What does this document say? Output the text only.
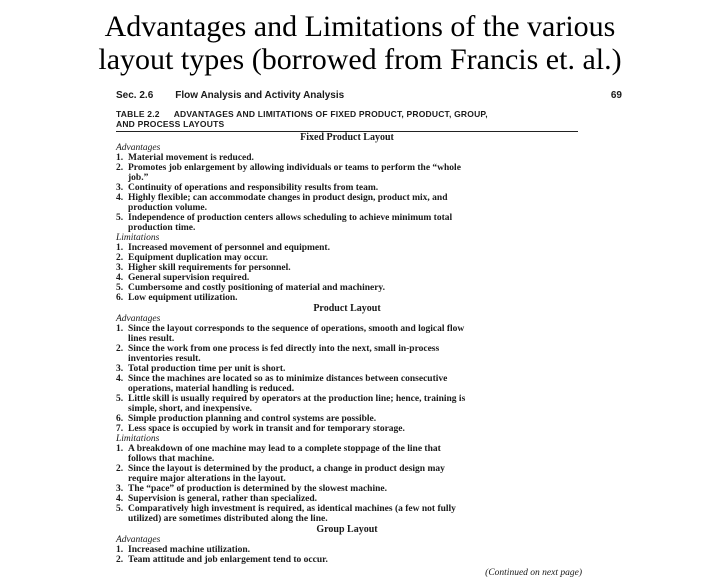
Advantages and Limitations of the various
layout types (borrowed from Francis et. al.)
Sec. 2.6 Flow Analysis and Activity Analysis	69
TABLE 2.2 ADVANTAGES AND LIMITATIONS OF FIXED PRODUCT, PRODUCT, GROUP,
AND PROCESS LAYOUTS
Fixed Product Layout
Advantages
1. Material movement is reduced.
2. Promotes job enlargement by allowing individuals or teams to perform the “whole
job.”
3. Continuity of operations and responsibility results from team.
4. Highly flexible; can accommodate changes in product design, product mix, and
production volume.
5. Independence of production centers allows scheduling to achieve minimum total
production time.
Limitations
1. Increased movement of personnel and equipment.
2. Equipment duplication may occur.
3. Higher skill requirements for personnel.
4. General supervision required.
5. Cumbersome and costly positioning of material and machinery.
6. Low equipment utilization.
Product Layout
Advantages
1. Since the layout corresponds to the sequence of operations, smooth and logical flow
lines result.
2. Since the work from one process is fed directly into the next, small in-process
inventories result.
3. Total production time per unit is short.
4. Since the machines are located so as to minimize distances between consecutive
operations, material handling is reduced.
5. Little skill is usually required by operators at the production line; hence, training is
simple, short, and inexpensive.
6. Simple production planning and control systems are possible.
7. Less space is occupied by work in transit and for temporary storage.
Limitations
1. A breakdown of one machine may lead to a complete stoppage of the line that
follows that machine.
2. Since the layout is determined by the product, a change in product design may
require major alterations in the layout.
3. The “pace” of production is determined by the slowest machine.
4. Supervision is general, rather than specialized.
5. Comparatively high investment is required, as identical machines (a few not fully
utilized) are sometimes distributed along the line.
Group Layout
Advantages
1. Increased machine utilization.
2. Team attitude and job enlargement tend to occur.
(Continued on next page)
